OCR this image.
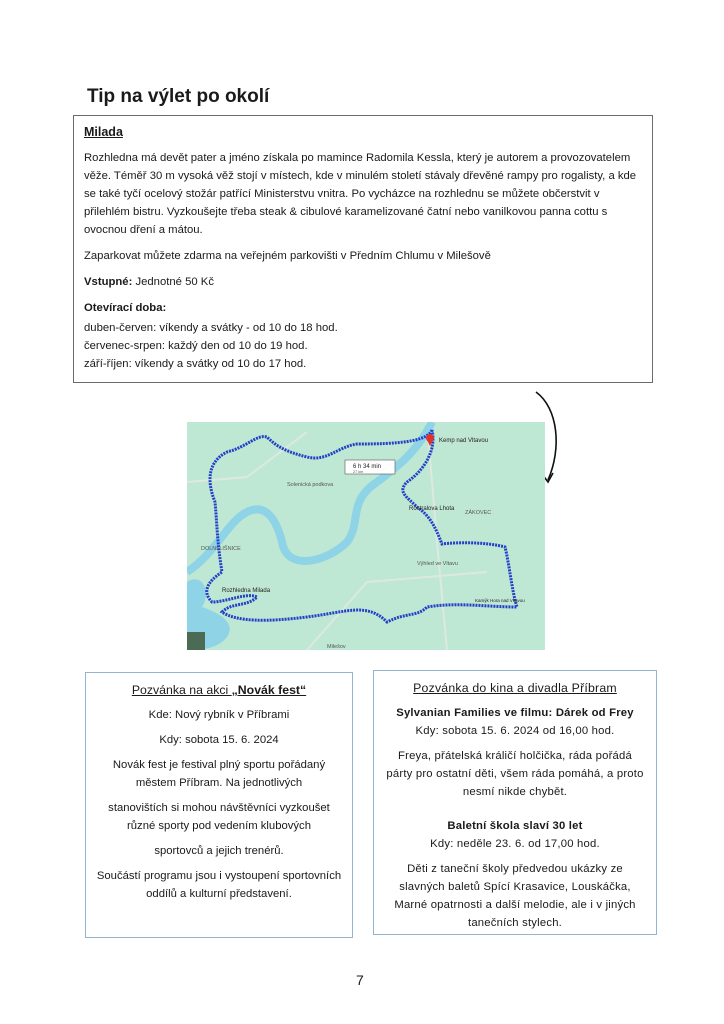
Tip na výlet po okolí
Milada

Rozhledna má devět pater a jméno získala po mamince Radomila Kessla, který je autorem a provozovatelem věže. Téměř 30 m vysoká věž stojí v místech, kde v minulém století stávaly dřevěné rampy pro rogalisty, a kde se také tyčí ocelový stožár patřící Ministerstvu vnitra. Po vycházce na rozhlednu se můžete občerstvit v přilehlém bistru. Vyzkoušejte třeba steak & cibulové karamelizované čatní nebo vanilkovou panna cottu s ovocnou dření a mátou.

Zaparkovat můžete zdarma na veřejném parkovišti v Předním Chlumu v Milešově

Vstupné: Jednotné 50 Kč

Otevírací doba:
duben-červen: víkendy a svátky - od 10 do 18 hod.
červenec-srpen: každý den od 10 do 19 hod.
září-říjen: víkendy a svátky od 10 do 17 hod.
6 h 34 min
27 km
Kemp nad Vltavou
Rozhledna Milada
Rostralova Lhota
Kamýk Hora nad Vltavou
DOLNÍ LIŠNICE
ZÁKOVEC
Milešov
Výhled ve Vltavu
Solenická podkova
Pozvánka na akci „Novák fest“

Kde: Nový rybník v Příbrami

Kdy: sobota 15. 6. 2024

Novák fest je festival plný sportu pořádaný městem Příbram. Na jednotlivých

stanovištích si mohou návštěvníci vyzkoušet různé sporty pod vedením klubových

sportovců a jejich trenérů.

Součástí programu jsou i vystoupení sportovních oddílů a kulturní představení.

Pozvánka do kina a divadla Příbram
Sylvanian Families ve filmu: Dárek od Frey

Kdy: sobota 15. 6. 2024 od 16,00 hod.

Freya, přátelská králičí holčička, ráda pořádá párty pro ostatní děti, všem ráda pomáhá, a proto nesmí nikde chybět.

Baletní škola slaví 30 let

Kdy: neděle 23. 6. od 17,00 hod.

Děti z taneční školy předvedou ukázky ze slavných baletů Spící Krasavice, Louskáčka, Marné opatrnosti a další melodie, ale i v jiných tanečních stylech.

7
